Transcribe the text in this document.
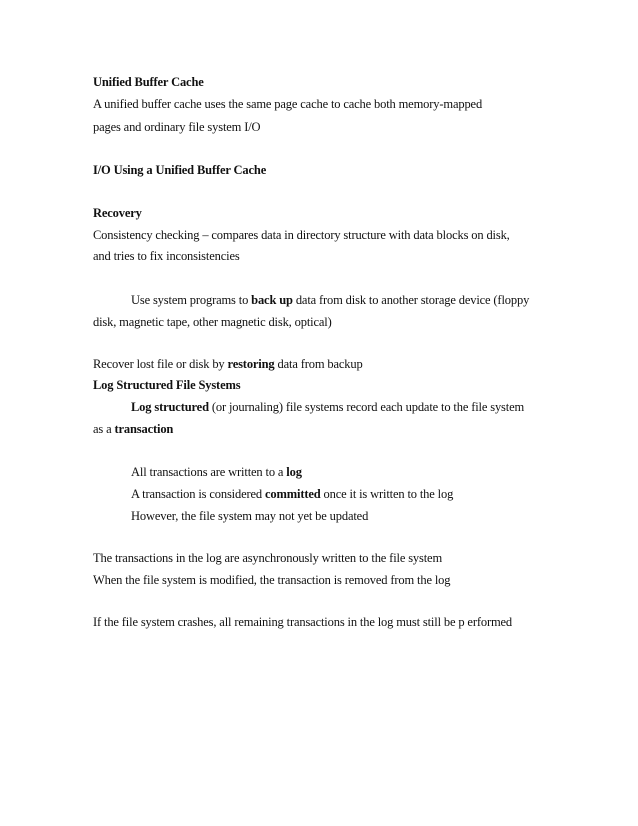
Unified Buffer Cache
A unified buffer cache uses the same page cache to cache both memory-mapped
pages and ordinary file system I/O
I/O Using a Unified Buffer Cache
Recovery
Consistency checking – compares data in directory structure with data blocks on disk,
and tries to fix inconsistencies
Use system programs to back up data from disk to another storage device (floppy
disk, magnetic tape, other magnetic disk, optical)
Recover lost file or disk by restoring data from backup
Log Structured File Systems
Log structured (or journaling) file systems record each update to the file system
as a transaction
All transactions are written to a log
A transaction is considered committed once it is written to the log
However, the file system may not yet be updated
The transactions in the log are asynchronously written to the file system
When the file system is modified, the transaction is removed from the log
If the file system crashes, all remaining transactions in the log must still be p erformed
